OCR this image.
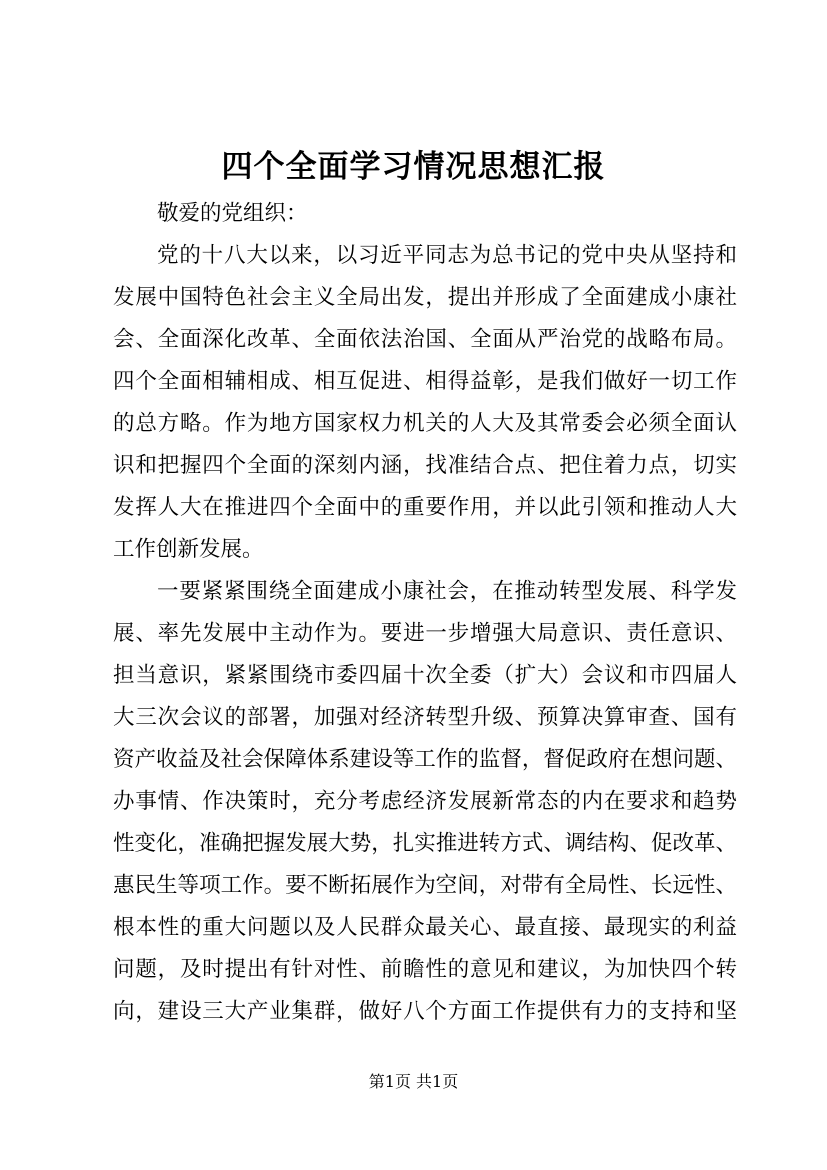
四个全面学习情况思想汇报
敬爱的党组织：
党的十八大以来，以习近平同志为总书记的党中央从坚持和
发展中国特色社会主义全局出发，提出并形成了全面建成小康社
会、全面深化改革、全面依法治国、全面从严治党的战略布局。
四个全面相辅相成、相互促进、相得益彰，是我们做好一切工作
的总方略。作为地方国家权力机关的人大及其常委会必须全面认
识和把握四个全面的深刻内涵，找准结合点、把住着力点，切实
发挥人大在推进四个全面中的重要作用，并以此引领和推动人大
工作创新发展。
一要紧紧围绕全面建成小康社会，在推动转型发展、科学发
展、率先发展中主动作为。要进一步增强大局意识、责任意识、
担当意识，紧紧围绕市委四届十次全委（扩大）会议和市四届人
大三次会议的部署，加强对经济转型升级、预算决算审查、国有
资产收益及社会保障体系建设等工作的监督，督促政府在想问题、
办事情、作决策时，充分考虑经济发展新常态的内在要求和趋势
性变化，准确把握发展大势，扎实推进转方式、调结构、促改革、
惠民生等项工作。要不断拓展作为空间，对带有全局性、长远性、
根本性的重大问题以及人民群众最关心、最直接、最现实的利益
问题，及时提出有针对性、前瞻性的意见和建议，为加快四个转
向，建设三大产业集群，做好八个方面工作提供有力的支持和坚
第1页 共1页
